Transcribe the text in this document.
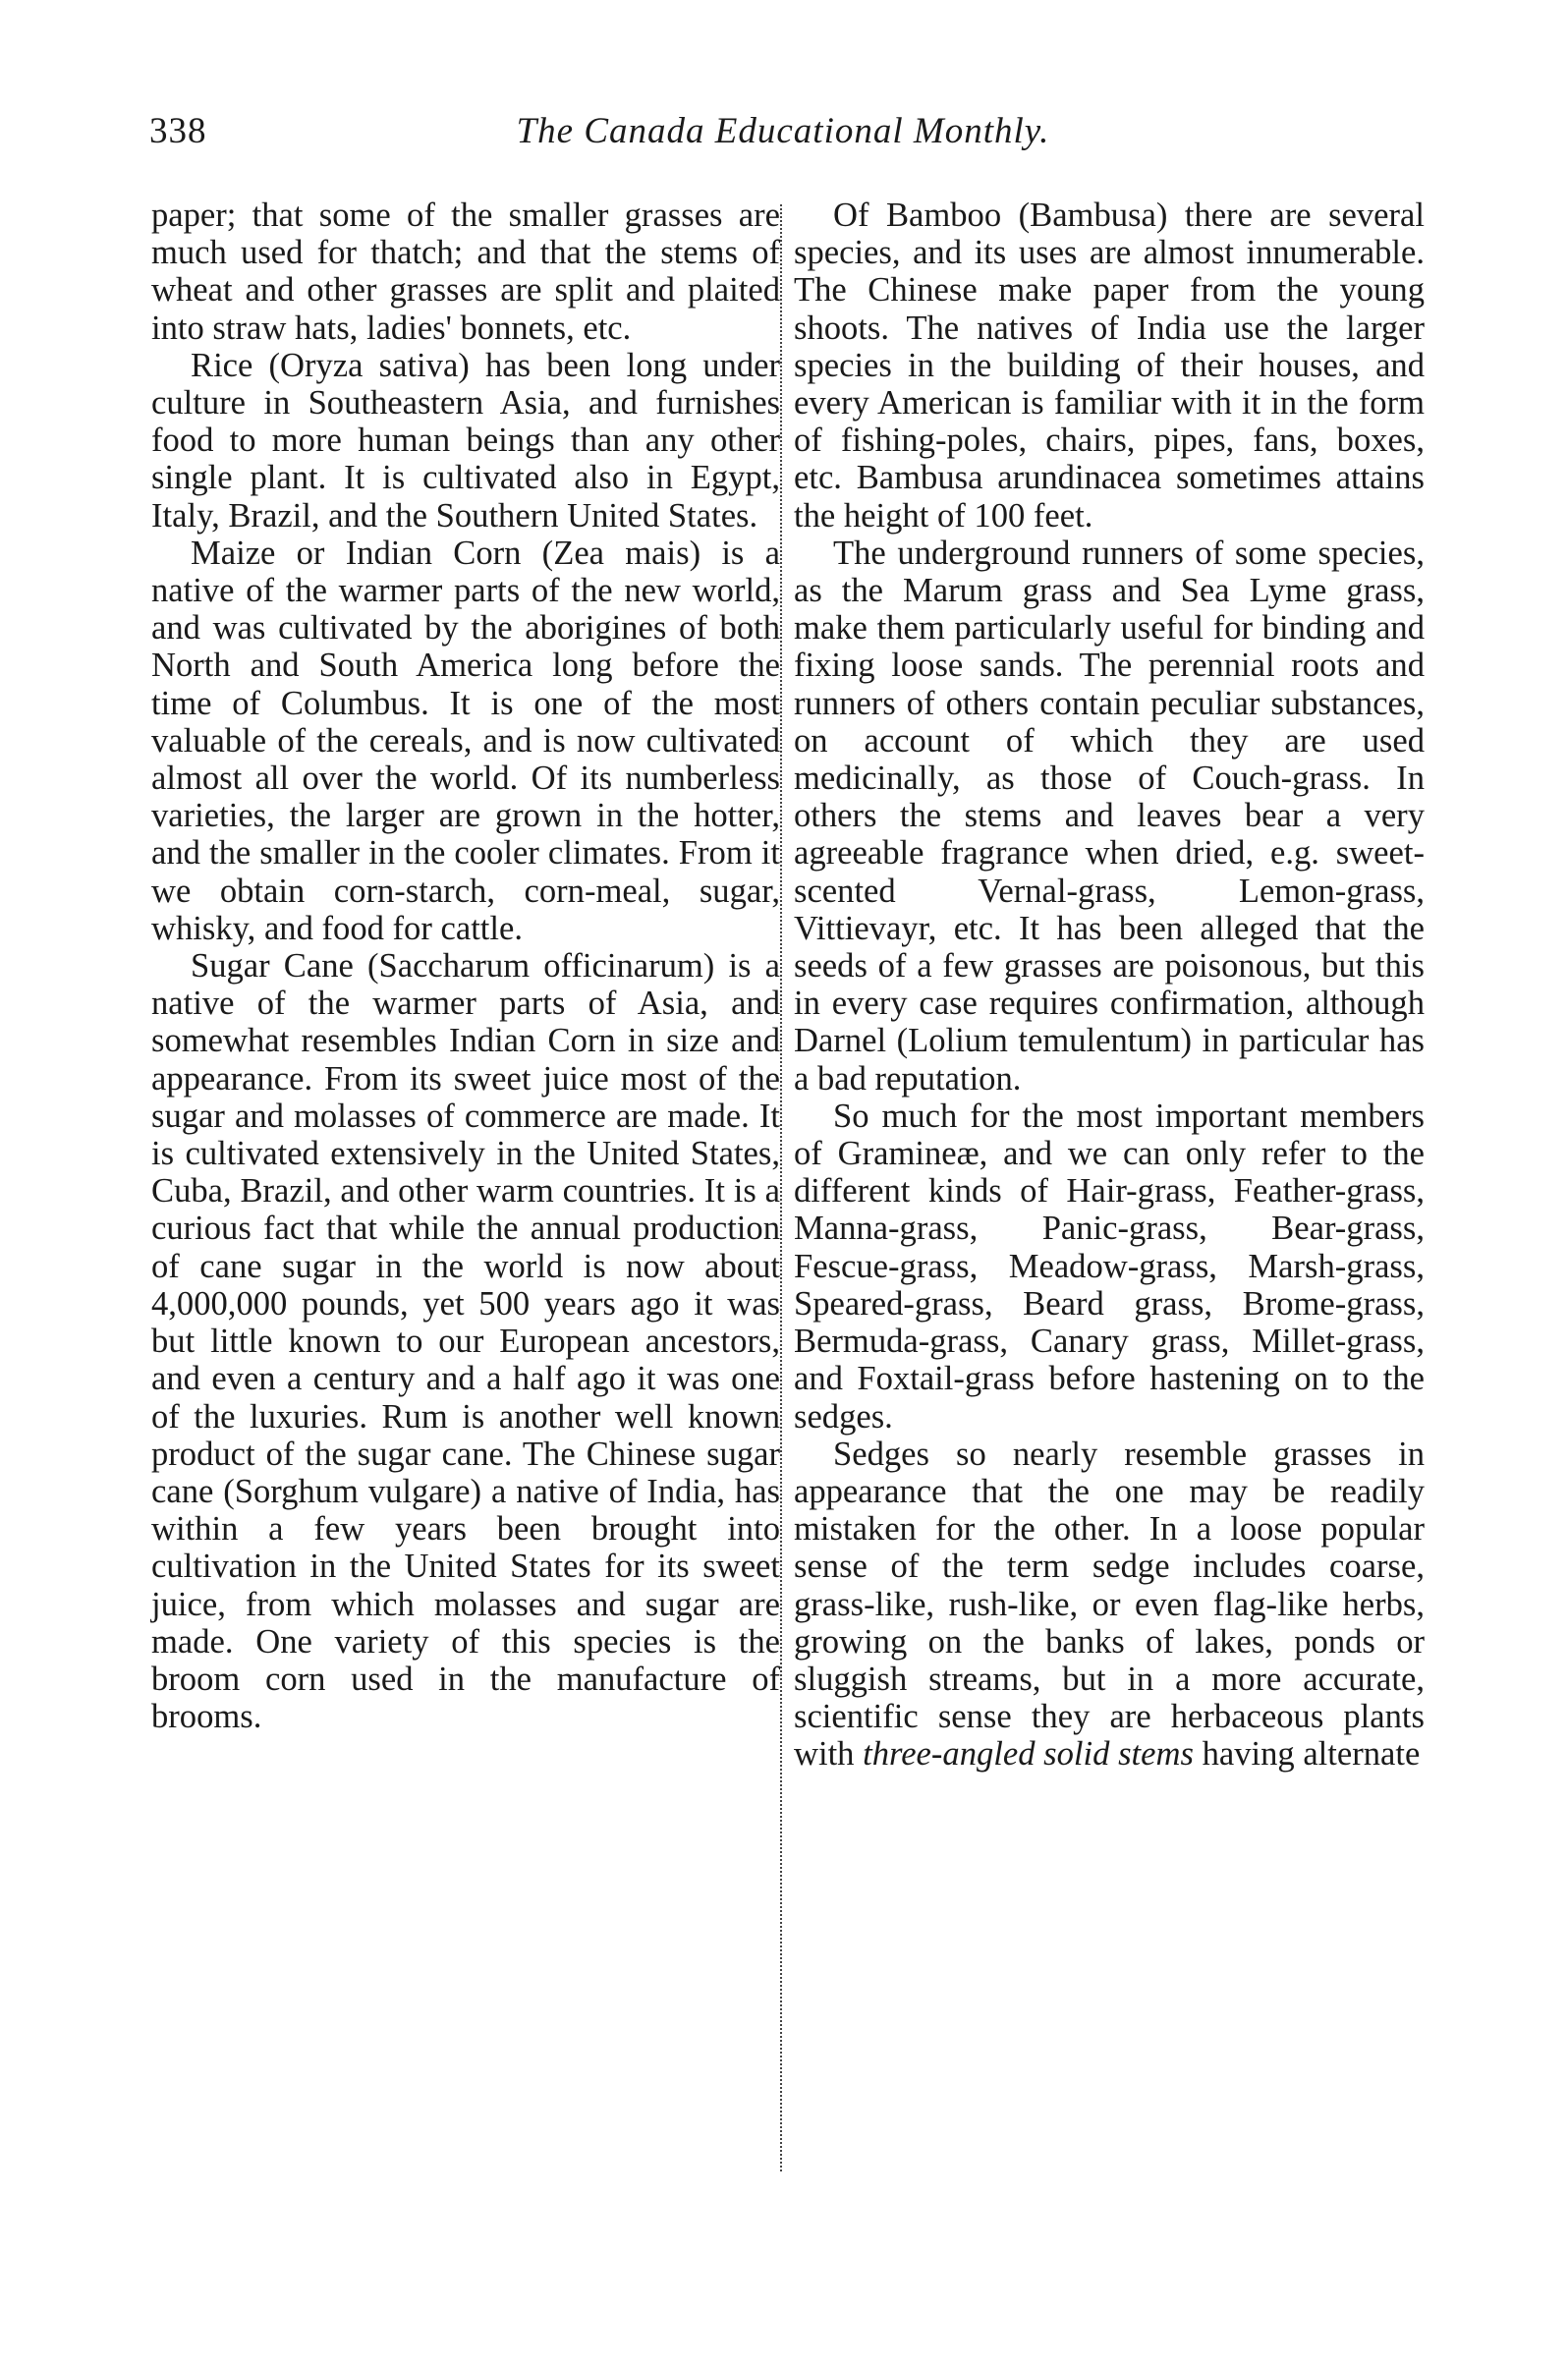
338	The Canada Educational Monthly.

paper; that some of the smaller grasses are much used for thatch; and that the stems of wheat and other grasses are split and plaited into straw hats, ladies' bonnets, etc.

Rice (Oryza sativa) has been long under culture in Southeastern Asia, and furnishes food to more human beings than any other single plant. It is cultivated also in Egypt, Italy, Brazil, and the Southern United States.

Maize or Indian Corn (Zea mais) is a native of the warmer parts of the new world, and was cultivated by the aborigines of both North and South America long before the time of Columbus. It is one of the most valuable of the cereals, and is now cultivated almost all over the world. Of its numberless varieties, the larger are grown in the hotter, and the smaller in the cooler climates. From it we obtain corn-starch, corn-meal, sugar, whisky, and food for cattle.

Sugar Cane (Saccharum officinarum) is a native of the warmer parts of Asia, and somewhat resembles Indian Corn in size and appearance. From its sweet juice most of the sugar and molasses of commerce are made. It is cultivated extensively in the United States, Cuba, Brazil, and other warm countries. It is a curious fact that while the annual production of cane sugar in the world is now about 4,000,000 pounds, yet 500 years ago it was but little known to our European ancestors, and even a century and a half ago it was one of the luxuries. Rum is another well known product of the sugar cane. The Chinese sugar cane (Sorghum vulgare) a native of India, has within a few years been brought into cultivation in the United States for its sweet juice, from which molasses and sugar are made. One variety of this species is the broom corn used in the manufacture of brooms.

Of Bamboo (Bambusa) there are several species, and its uses are almost innumerable. The Chinese make paper from the young shoots. The natives of India use the larger species in the building of their houses, and every American is familiar with it in the form of fishing-poles, chairs, pipes, fans, boxes, etc. Bambusa arundinacea sometimes attains the height of 100 feet.

The underground runners of some species, as the Marum grass and Sea Lyme grass, make them particularly useful for binding and fixing loose sands. The perennial roots and runners of others contain peculiar substances, on account of which they are used medicinally, as those of Couch-grass. In others the stems and leaves bear a very agreeable fragrance when dried, e.g. sweet-scented Vernal-grass, Lemon-grass, Vittievayr, etc. It has been alleged that the seeds of a few grasses are poisonous, but this in every case requires confirmation, although Darnel (Lolium temulentum) in particular has a bad reputation.

So much for the most important members of Gramineæ, and we can only refer to the different kinds of Hair-grass, Feather-grass, Manna-grass, Panic-grass, Bear-grass, Fescue-grass, Meadow-grass, Marsh-grass, Speared-grass, Beard grass, Brome-grass, Bermuda-grass, Canary grass, Millet-grass, and Foxtail-grass before hastening on to the sedges.

Sedges so nearly resemble grasses in appearance that the one may be readily mistaken for the other. In a loose popular sense of the term sedge includes coarse, grass-like, rush-like, or even flag-like herbs, growing on the banks of lakes, ponds or sluggish streams, but in a more accurate, scientific sense they are herbaceous plants with three-angled solid stems having alternate
